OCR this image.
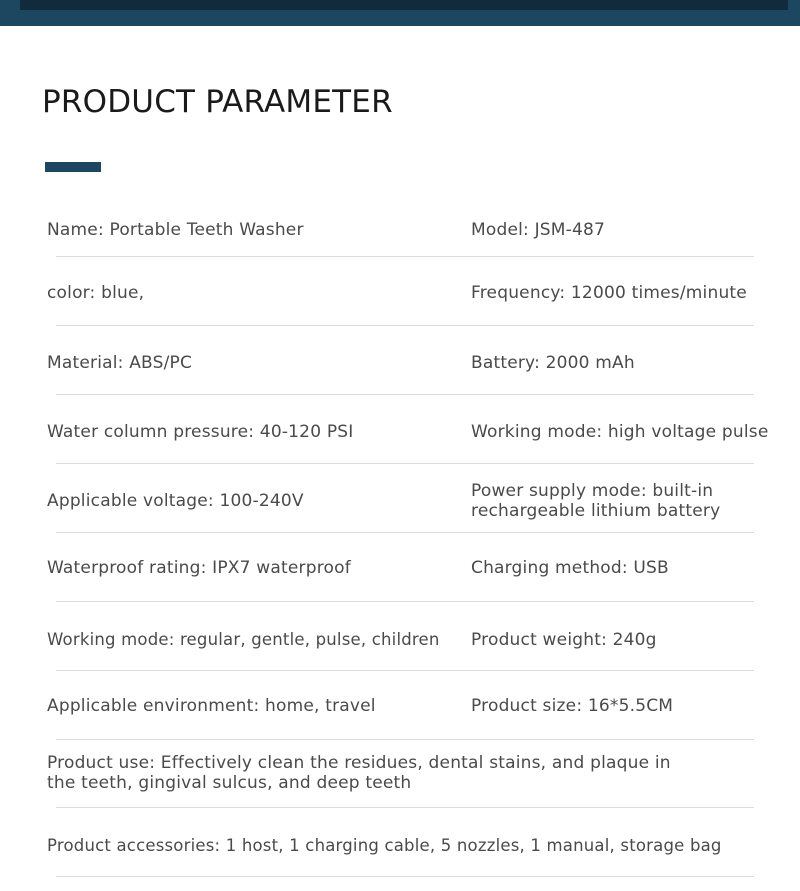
PRODUCT PARAMETER
Name: Portable Teeth Washer	Model: JSM-487
color: blue,	Frequency: 12000 times/minute
Material: ABS/PC	Battery: 2000 mAh
Water column pressure: 40-120 PSI	Working mode: high voltage pulse
Applicable voltage: 100-240V	Power supply mode: built-in
rechargeable lithium battery
Waterproof rating: IPX7 waterproof	Charging method: USB
Working mode: regular, gentle, pulse, children Product weight: 240g
Applicable environment: home, travel	Product size: 16*5.5CM
Product use: Effectively clean the residues, dental stains, and plaque in
the teeth, gingival sulcus, and deep teeth
Product accessories: 1 host, 1 charging cable, 5 nozzles, 1 manual, storage bag
